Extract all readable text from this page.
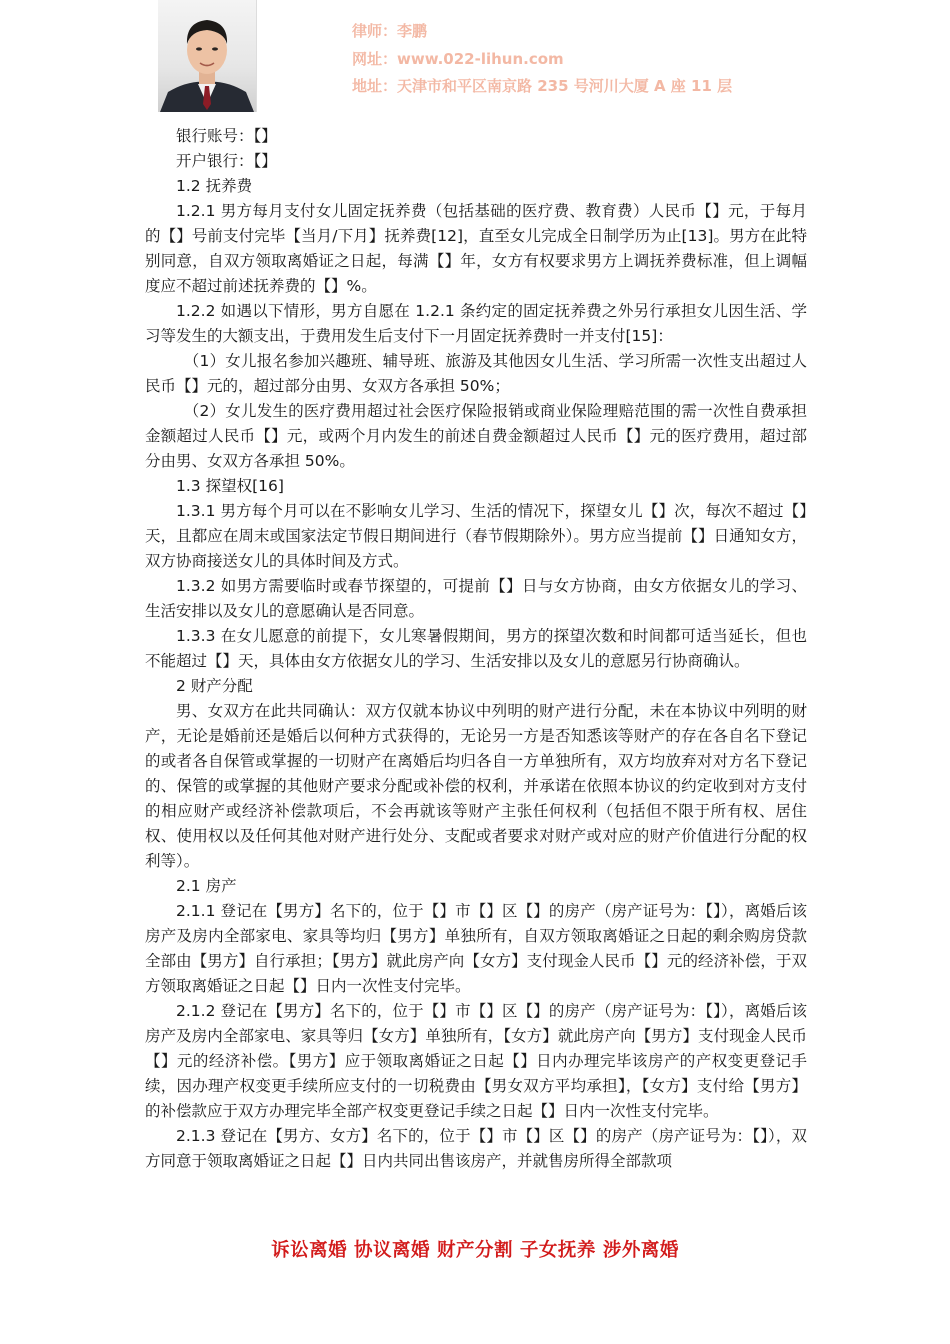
律师：李鹏
网址：www.022-lihun.com
地址：天津市和平区南京路 235 号河川大厦 A 座 11 层

银行账号：【】

开户银行：【】

1.2 抚养费

1.2.1 男方每月支付女儿固定抚养费（包括基础的医疗费、教育费）人民币【】元，于每月的【】号前支付完毕【当月/下月】抚养费[12]，直至女儿完成全日制学历为止[13]。男方在此特别同意，自双方领取离婚证之日起，每满【】年，女方有权要求男方上调抚养费标准，但上调幅度应不超过前述抚养费的【】%。

1.2.2 如遇以下情形，男方自愿在 1.2.1 条约定的固定抚养费之外另行承担女儿因生活、学习等发生的大额支出，于费用发生后支付下一月固定抚养费时一并支付[15]：

（1）女儿报名参加兴趣班、辅导班、旅游及其他因女儿生活、学习所需一次性支出超过人民币【】元的，超过部分由男、女双方各承担 50%；

（2）女儿发生的医疗费用超过社会医疗保险报销或商业保险理赔范围的需一次性自费承担金额超过人民币【】元，或两个月内发生的前述自费金额超过人民币【】元的医疗费用，超过部分由男、女双方各承担 50%。

1.3 探望权[16]

1.3.1 男方每个月可以在不影响女儿学习、生活的情况下，探望女儿【】次，每次不超过【】天，且都应在周末或国家法定节假日期间进行（春节假期除外）。男方应当提前【】日通知女方，双方协商接送女儿的具体时间及方式。

1.3.2 如男方需要临时或春节探望的，可提前【】日与女方协商，由女方依据女儿的学习、生活安排以及女儿的意愿确认是否同意。

1.3.3 在女儿愿意的前提下，女儿寒暑假期间，男方的探望次数和时间都可适当延长，但也不能超过【】天，具体由女方依据女儿的学习、生活安排以及女儿的意愿另行协商确认。

2 财产分配

男、女双方在此共同确认：双方仅就本协议中列明的财产进行分配，未在本协议中列明的财产，无论是婚前还是婚后以何种方式获得的，无论另一方是否知悉该等财产的存在各自名下登记的或者各自保管或掌握的一切财产在离婚后均归各自一方单独所有，双方均放弃对对方名下登记的、保管的或掌握的其他财产要求分配或补偿的权利，并承诺在依照本协议的约定收到对方支付的相应财产或经济补偿款项后，不会再就该等财产主张任何权利（包括但不限于所有权、居住权、使用权以及任何其他对财产进行处分、支配或者要求对财产或对应的财产价值进行分配的权利等）。

2.1 房产

2.1.1 登记在【男方】名下的，位于【】市【】区【】的房产（房产证号为：【】），离婚后该房产及房内全部家电、家具等均归【男方】单独所有，自双方领取离婚证之日起的剩余购房贷款全部由【男方】自行承担；【男方】就此房产向【女方】支付现金人民币【】元的经济补偿，于双方领取离婚证之日起【】日内一次性支付完毕。

2.1.2 登记在【男方】名下的，位于【】市【】区【】的房产（房产证号为：【】），离婚后该房产及房内全部家电、家具等归【女方】单独所有，【女方】就此房产向【男方】支付现金人民币【】元的经济补偿。【男方】应于领取离婚证之日起【】日内办理完毕该房产的产权变更登记手续，因办理产权变更手续所应支付的一切税费由【男女双方平均承担】，【女方】支付给【男方】的补偿款应于双方办理完毕全部产权变更登记手续之日起【】日内一次性支付完毕。

2.1.3 登记在【男方、女方】名下的，位于【】市【】区【】的房产（房产证号为：【】），双方同意于领取离婚证之日起【】日内共同出售该房产，并就售房所得全部款项

诉讼离婚 协议离婚 财产分割 子女抚养 涉外离婚
